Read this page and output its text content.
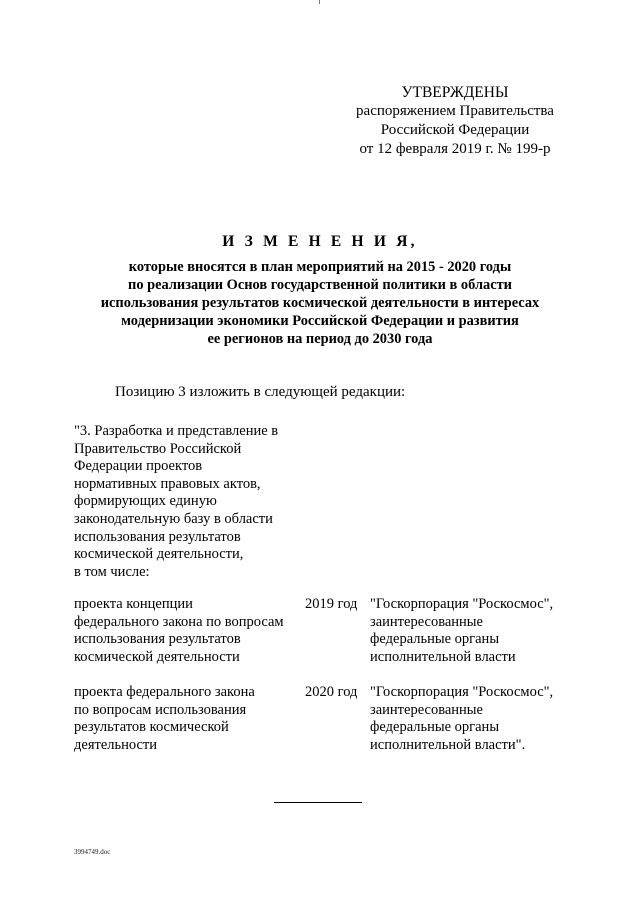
УТВЕРЖДЕНЫ
распоряжением Правительства
Российской Федерации
от 12 февраля 2019 г. № 199-р
И З М Е Н Е Н И Я,
которые вносятся в план мероприятий на 2015 - 2020 годы
по реализации Основ государственной политики в области
использования результатов космической деятельности в интересах
модернизации экономики Российской Федерации и развития
ее регионов на период до 2030 года
Позицию 3 изложить в следующей редакции:
"3. Разработка и представление в
Правительство Российской
Федерации проектов
нормативных правовых актов,
формирующих единую
законодательную базу в области
использования результатов
космической деятельности,
в том числе:
проекта концепции
федерального закона по вопросам
использования результатов
космической деятельности
2019 год "Госкорпорация "Роскосмос",
заинтересованные
федеральные органы
исполнительной власти
проекта федерального закона
по вопросам использования
результатов космической
деятельности
2020 год "Госкорпорация "Роскосмос",
заинтересованные
федеральные органы
исполнительной власти".
3994749.doc
